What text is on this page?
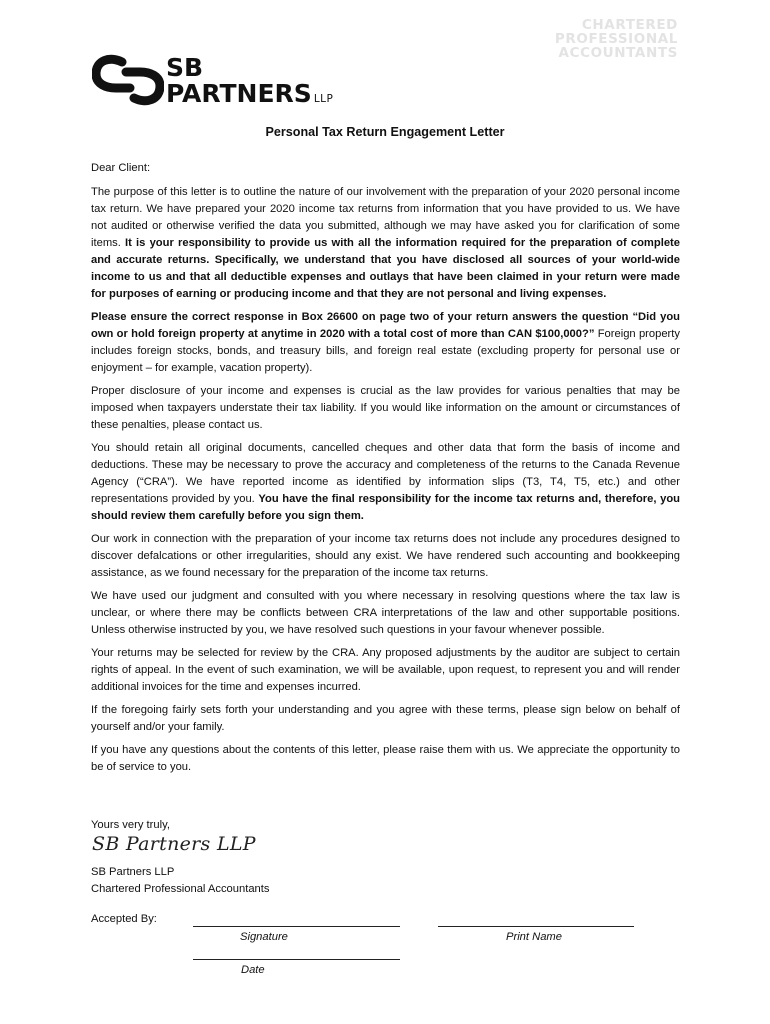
CHARTERED
PROFESSIONAL
ACCOUNTANTS
SB
PARTNERS LLP
Personal Tax Return Engagement Letter

Dear Client:

The purpose of this letter is to outline the nature of our involvement with the preparation of your 2020 personal income tax return. We have prepared your 2020 income tax returns from information that you have provided to us. We have not audited or otherwise verified the data you submitted, although we may have asked you for clarification of some items. It is your responsibility to provide us with all the information required for the preparation of complete and accurate returns. Specifically, we understand that you have disclosed all sources of your world-wide income to us and that all deductible expenses and outlays that have been claimed in your return were made for purposes of earning or producing income and that they are not personal and living expenses.

Please ensure the correct response in Box 26600 on page two of your return answers the question “Did you own or hold foreign property at anytime in 2020 with a total cost of more than CAN $100,000?” Foreign property includes foreign stocks, bonds, and treasury bills, and foreign real estate (excluding property for personal use or enjoyment – for example, vacation property).

Proper disclosure of your income and expenses is crucial as the law provides for various penalties that may be imposed when taxpayers understate their tax liability. If you would like information on the amount or circumstances of these penalties, please contact us.

You should retain all original documents, cancelled cheques and other data that form the basis of income and deductions. These may be necessary to prove the accuracy and completeness of the returns to the Canada Revenue Agency (“CRA”). We have reported income as identified by information slips (T3, T4, T5, etc.) and other representations provided by you. You have the final responsibility for the income tax returns and, therefore, you should review them carefully before you sign them.

Our work in connection with the preparation of your income tax returns does not include any procedures designed to discover defalcations or other irregularities, should any exist. We have rendered such accounting and bookkeeping assistance, as we found necessary for the preparation of the income tax returns.

We have used our judgment and consulted with you where necessary in resolving questions where the tax law is unclear, or where there may be conflicts between CRA interpretations of the law and other supportable positions. Unless otherwise instructed by you, we have resolved such questions in your favour whenever possible.

Your returns may be selected for review by the CRA. Any proposed adjustments by the auditor are subject to certain rights of appeal. In the event of such examination, we will be available, upon request, to represent you and will render additional invoices for the time and expenses incurred.

If the foregoing fairly sets forth your understanding and you agree with these terms, please sign below on behalf of yourself and/or your family.

If you have any questions about the contents of this letter, please raise them with us. We appreciate the opportunity to be of service to you.

Yours very truly,
SB Partners LLP
SB Partners LLP
Chartered Professional Accountants
Accepted By:
Signature	Print Name
Date
